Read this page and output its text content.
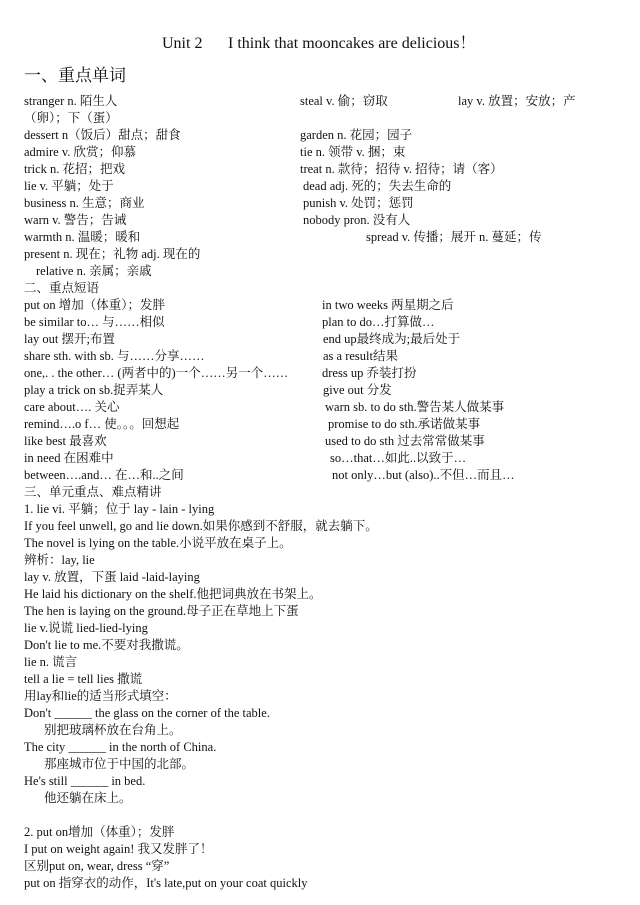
Unit 2 I think that mooncakes are delicious！
一、重点单词
stranger n. 陌生人
dessert n（饭后）甜点；甜食
admire v. 欣赏；仰慕
trick n. 花招；把戏
lie v. 平躺；处于
business n. 生意；商业
warn v. 警告；告诫
warmth n. 温暖；暖和
present n. 现在；礼物 adj. 现在的
relative n. 亲属；亲戚
steal v. 偷；窃取	lay v. 放置；安放；产
（卵）；下（蛋）
garden n. 花园；园子
tie n. 领带 v. 捆；束
treat n. 款待；招待 v. 招待；请（客）
dead adj. 死的；失去生命的
punish v. 处罚；惩罚
nobody pron. 没有人
spread v. 传播；展开 n. 蔓延；传
二、重点短语
put on 增加（体重）；发胖
be similar to… 与……相似
lay out 摆开;布置
share sth. with sb. 与……分享……
one,. . the other… (两者中的)一个……另一个……
play a trick on sb.捉弄某人
care about…. 关心
remind….o f… 使。。。回想起
like best 最喜欢
in need 在困难中
between….and… 在…和..之间
in two weeks 两星期之后
plan to do…打算做…
end up最终成为;最后处于
as a result结果
dress up 乔装打扮
give out 分发
warn sb. to do sth.警告某人做某事
promise to do sth.承诺做某事
used to do sth 过去常常做某事
so…that…如此..以致于…
not only…but (also)..不但…而且…
三、单元重点、难点精讲
1. lie vi. 平躺；位于 lay - lain - lying
If you feel unwell, go and lie down.如果你感到不舒服，就去躺下。
The novel is lying on the table.小说平放在桌子上。
辨析：lay, lie
lay v. 放置，下蛋 laid -laid-laying
He laid his dictionary on the shelf.他把词典放在书架上。
The hen is laying on the ground.母子正在草地上下蛋
lie v.说谎 lied-lied-lying
Don't lie to me.不要对我撒谎。
lie n. 谎言
tell a lie = tell lies 撒谎
用lay和lie的适当形式填空：
Don't ______ the glass on the corner of the table.
别把玻璃杯放在台角上。
The city ______ in the north of China.
那座城市位于中国的北部。
He's still ______ in bed.
他还躺在床上。
2. put on增加（体重）；发胖
I put on weight again! 我又发胖了！
区别put on, wear, dress “穿”
put on 指穿衣的动作，It's late,put on your coat quickly
